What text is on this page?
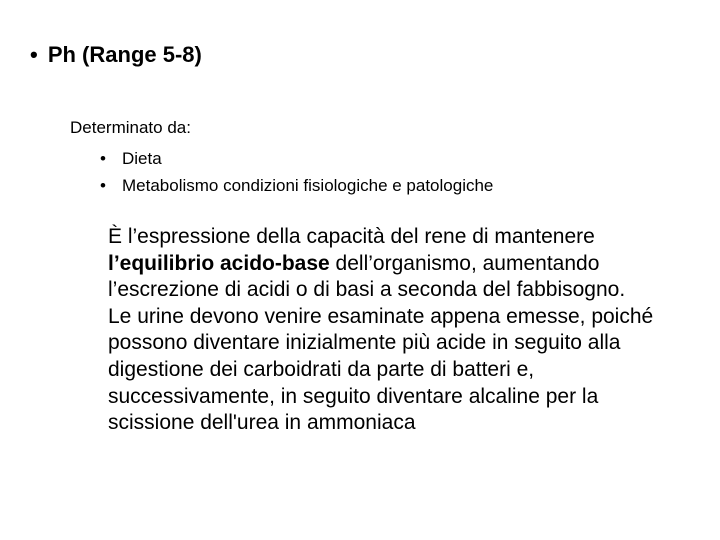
• Ph (Range 5-8)
Determinato da:
• Dieta
• Metabolismo condizioni fisiologiche e patologiche

È l’espressione della capacità del rene di mantenere l’equilibrio acido-base dell’organismo, aumentando l’escrezione di acidi o di basi a seconda del fabbisogno.

Le urine devono venire esaminate appena emesse, poiché possono diventare inizialmente più acide in seguito alla digestione dei carboidrati da parte di batteri e, successivamente, in seguito diventare alcaline per la scissione dell'urea in ammoniaca
